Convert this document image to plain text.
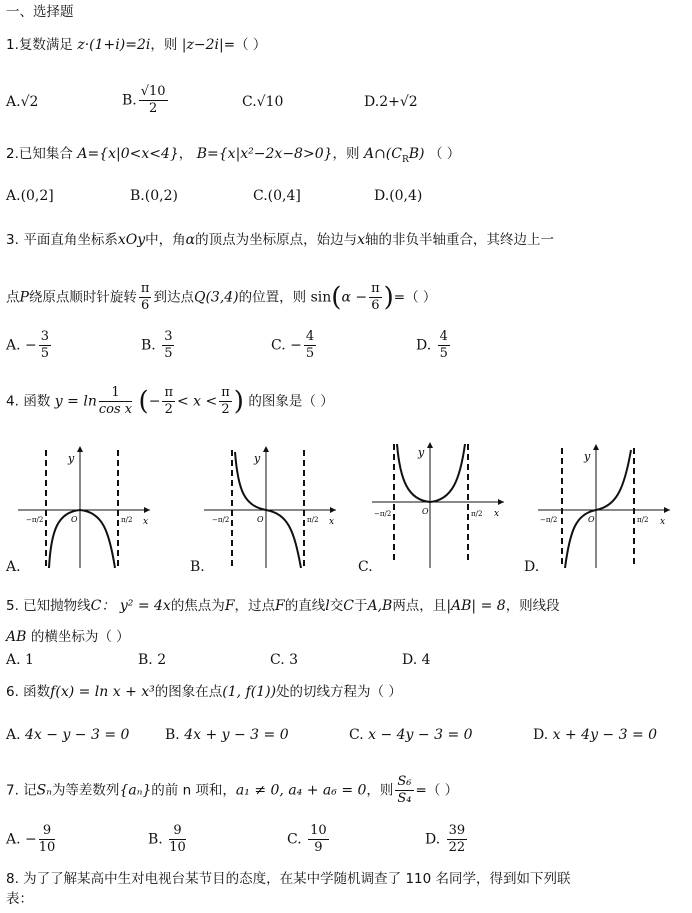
一、选择题
1.复数满足 z·(1+i)=2i，则 |z−2i|=（ ）
A.√2	B. $\frac{√10}{2}$	C.√10	D.2+√2
2.已知集合 A={x|0<x<4}， B={x|x²−2x−8>0}，则 $A\cap(C_RB)$ （ ）
A.(0,2]	B.(0,2)	C.(0,4]	D.(0,4)
3. 平面直角坐标系xOy中，角α的顶点为坐标原点，始边与x轴的非负半轴重合，其终边上一
点P绕原点顺时针旋转 $\frac{\pi}{6}$ 到达点Q(3,4)的位置，则 $\sin(\alpha - \frac{\pi}{6}$ )=（ ）
A. − $\frac{3}{5}$	B. $\frac{3}{5}$	C. − $\frac{4}{5}$	D. $\frac{4}{5}$
4. 函数 $y = \ln \frac{1}{\text{cos x}}$ (− $\frac{\pi}{2} < x < \frac{\pi}{2}$ ) 的图象是（ ）
y
x
O
−π/2	π/2
A.
y
x
O
−π/2	π/2
B.
y
x
O
−π/2	π/2
C.
y
x
O
−π/2	π/2
D.
5. 已知抛物线C： y² = 4x的焦点为F，过点F的直线l交C于A,B两点，且|AB| = 8，则线段
AB 的横坐标为（ ）
A. 1	B. 2	C. 3	D. 4
6. 函数f(x) = ln x + x³的图象在点(1, f(1))处的切线方程为（ ）
A. 4x − y − 3 = 0	B. 4x + y − 3 = 0	C. x − 4y − 3 = 0	D. x + 4y − 3 = 0
7. 记Sₙ为等差数列{aₙ}的前 n 项和，a₁ ≠ 0, a₄ + a₆ = 0，则 $\frac{\text{S₆}}{\text{S₄}}$ =（ ）
A. − $\frac{9}{10}$	B. $\frac{9}{10}$	C. $\frac{10}{9}$	D. $\frac{39}{22}$
8. 为了了解某高中生对电视台某节目的态度，在某中学随机调查了 110 名同学，得到如下列联
表：
